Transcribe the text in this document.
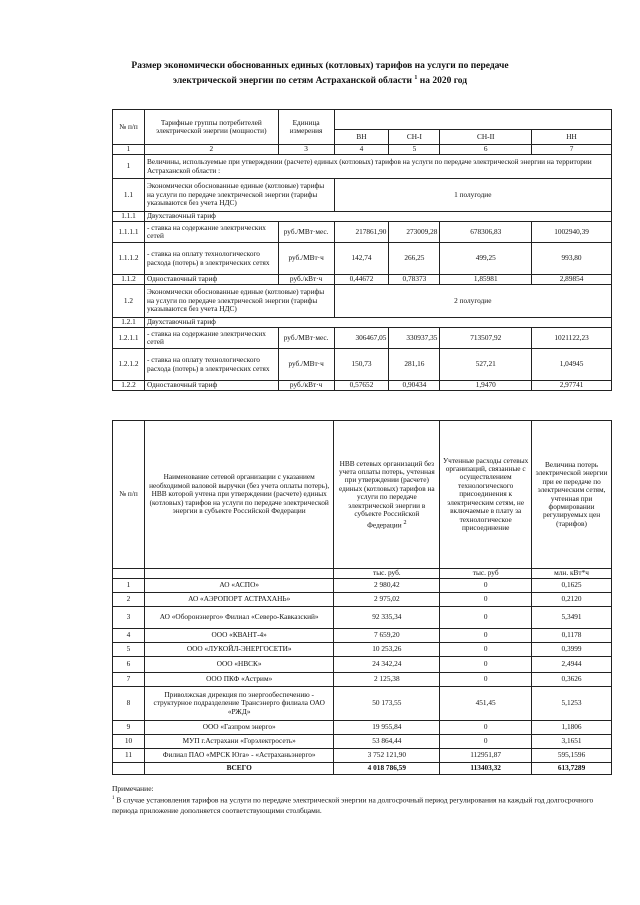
Размер экономически обоснованных единых (котловых) тарифов на услуги по передаче
электрической энергии по сетям Астраханской области $^1$ на 2020 год
№ п/п	Тарифные группы потребителей электрической энергии (мощности)	Единица измерения				
			ВН	СН-I	СН-II	НН
1	2	3	4	5	6	7
1	Величины, используемые при утверждении (расчете) единых (котловых) тарифов на услуги по передаче электрической энергии на территории Астраханской области :					
1.1	Экономически обоснованные единые (котловые) тарифы на услуги по передаче электрической энергии (тарифы указываются без учета НДС)		1 полугодие			
1.1.1	Двухставочный тариф					
1.1.1.1	- ставка на содержание электрических сетей	руб./МВт·мес.	217861,90	273009,28	678306,83	1002940,39
1.1.1.2	- ставка на оплату технологического расхода (потерь) в электрических сетях	руб./МВт·ч	142,74	266,25	499,25	993,80
1.1.2	Одноставочный тариф	руб./кВт·ч	0,44672	0,78373	1,85981	2,89854
1.2	Экономически обоснованные единые (котловые) тарифы на услуги по передаче электрической энергии (тарифы указываются без учета НДС)		2 полугодие			
1.2.1	Двухставочный тариф					
1.2.1.1	- ставка на содержание электрических сетей	руб./МВт·мес.	306467,05	330937,35	713507,92	1021122,23
1.2.1.2	- ставка на оплату технологического расхода (потерь) в электрических сетях	руб./МВт·ч	150,73	281,16	527,21	1,04945
1.2.2	Одноставочный тариф	руб./кВт·ч	0,57652	0,90434	1,9470	2,97741
№ п/п	Наименование сетевой организации с указанием необходимой валовой выручки (без учета оплаты потерь), НВВ которой учтена при утверждении (расчете) единых (котловых) тарифов на услуги по передаче электрической энергии в субъекте Российской Федерации	НВВ сетевых организаций без учета оплаты потерь, учтенная при утверждении (расчете) единых (котловых) тарифов на услуги по передаче электрической энергии в субъекте Российской Федерации $^2$	Учтенные расходы сетевых организаций, связанные с осуществлением технологического присоединения к электрическим сетям, не включаемые в плату за технологическое присоединение	Величина потерь электрической энергии при ее передаче по электрическим сетям, учтенная при формировании регулируемых цен (тарифов)
		тыс. руб.	тыс. руб	млн. кВт*ч
1	АО «АСПО»	2 980,42	0	0,1625
2	АО «АЭРОПОРТ АСТРАХАНЬ»	2 975,02	0	0,2120
3	АО «Оборонэнерго» Филиал «Северо-Кавказский»	92 335,34	0	5,3491
4	ООО «КВАНТ-4»	7 659,20	0	0,1178
5	ООО «ЛУКОЙЛ-ЭНЕРГОСЕТИ»	10 253,26	0	0,3999
6	ООО «НВСК»	24 342,24	0	2,4944
7	ООО ПКФ «Астрим»	2 125,38	0	0,3626
8	Приволжская дирекция по энергообеспечению - структурное подразделение Трансэнерго филиала ОАО «РЖД»	50 173,55	451,45	5,1253
9	ООО «Газпром энерго»	19 955,84	0	1,1806
10	МУП г.Астрахани «Горэлектросеть»	53 864,44	0	3,1651
11	Филиал ПАО «МРСК Юга» - «Астраханьэнерго»	3 752 121,90	112951,87	595,1596
	ВСЕГО	4 018 786,59	113403,32	613,7289
Примечание:
$^1$ В случае установления тарифов на услуги по передаче электрической энергии на долгосрочный период регулирования на каждый год долгосрочного периода приложение дополняется соответствующими столбцами.
